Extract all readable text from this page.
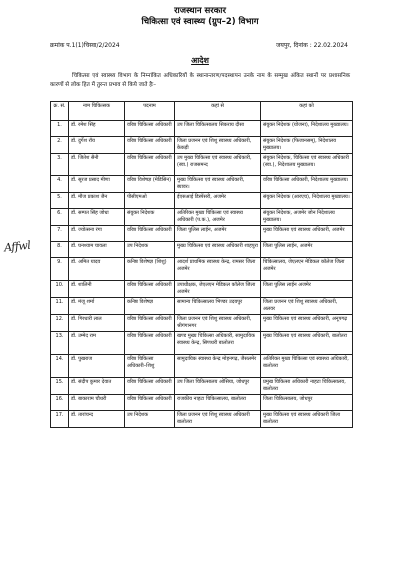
राजस्थान सरकार
चिकित्सा एवं स्वास्थ्य (ग्रुप–2) विभाग
क्रमांक प.1(1)चिस्वा/2/2024	जयपुर, दिनांक : 22.02.2024
आदेश
चिकित्सा एवं स्वास्थ्य विभाग के निम्नांकित अधिकारियों के स्थानान्तरण/पदस्थापन उनके नाम के सम्मुख अंकित स्थानों पर प्रशासनिक कारणों से लोक हित में तुरन्त प्रभाव से किये जाते हैः–
Affwl
क्र. सं.	नाम चिकित्सक	पदनाम	कहां से	कहां को
1.	डॉ. रमेश सिंह	वरिष्ठ चिकित्सा अधिकारी	उप जिला चिकित्सालय सिकराय दौसा	संयुक्त निदेशक (योजना), निदेशालय मुख्यालय।
2.	डॉ. दुर्गेश रॉय	वरिष्ठ चिकित्सा अधिकारी	जिला प्रजनन एवं शिशु स्वास्थ्य अधिकारी, केकड़ी	संयुक्त निदेशक (फिजानसम्), निदेशालय मुख्यालय।
3.	डॉ. जितेश सैनी	वरिष्ठ चिकित्सा अधिकारी	उप मुख्य चिकित्सा एवं स्वास्थ्य अधिकारी, (स्वा.) राजसमन्द	संयुक्त निदेशक, चिकित्सा एवं स्वास्थ्य अधिकारी (स्वा.), निदेशालय मुख्यालय।
4.	डॉ. सूरज प्रसाद मीणा	वरिष्ठ विशेषज्ञ (मेडिसिन)	मुख्य चिकित्सा एवं स्वास्थ्य अधिकारी, ब्यावर।	वरिष्ठ चिकित्सा अधिकारी, निदेशालय मुख्यालय।
5.	डॉ. मौज प्रकाश जैन	पीसीएमओ	ईएसआई डिस्पेंसरी, अजमेर	संयुक्त निदेशक (आरएच), निदेशालय मुख्यालय।
6.	डॉ. सम्पत सिंह जोधा	संयुक्त निदेशक	अतिरिक्त मुख्य चिकित्सा एवं स्वास्थ्य अधिकारी (प.क.), अजमेर	संयुक्त निदेशक, अजमेर जोन निदेशालय मुख्यालय।
7.	डॉ. ज्योत्सना रंगा	वरिष्ठ चिकित्सा अधिकारी	जिला पुलिस लाईन, अजमेर	मुख्य चिकित्सा एवं स्वास्थ्य अधिकारी, अजमेर
8.	डॉ. घनश्याम चावला	उप निदेशक	मुख्य चिकित्सा एवं स्वास्थ्य अधिकारी शाहपुरा	जिला पुलिस लाईन, अजमेर
9.	डॉ. अमित यादव	कनिष्ठ विशेषज्ञ (शिशु)	आदर्श प्राथमिक स्वास्थ्य केन्द्र, रामसर जिला अजमेर	चिकित्सालय, जेएलएन मेडिकल कॉलेज जिला अजमेर
10.	डॉ. शालिनी	वरिष्ठ चिकित्सा अधिकारी	उपाधीक्षक, जेएलएन मेडिकल कॉलेज जिला अजमेर	जिला पुलिस लाईन अजमेर
11.	डॉ. मंजू शर्मा	कनिष्ठ विशेषज्ञ	सामान्य चिकित्सालय भिण्डर उदयपुर	जिला प्रजनन एवं शिशु स्वास्थ्य अधिकारी, अलवर
12.	डॉ. गिरधारी लाल	वरिष्ठ चिकित्सा अधिकारी	जिला प्रजनन एवं शिशु स्वास्थ्य अधिकारी, श्रीगंगानगर	मुख्य चिकित्सा एवं स्वास्थ्य अधिकारी, अनूपगढ़
13.	डॉ. उम्मेद राम	वरिष्ठ चिकित्सा अधिकारी	खण्ड मुख्य चिकित्सा अधिकारी, सामुदायिक स्वास्थ्य केन्द्र, सिणधरी बालोतरा	मुख्य चिकित्सा एवं स्वास्थ्य अधिकारी, बालोतरा
14.	डॉ. पुखराज	वरिष्ठ चिकित्सा अधिकारी–शिशु	सामुदायिक स्वास्थ्य केन्द्र मोहनगढ़, जैसलमेर	अतिरिक्त मुख्य चिकित्सा एवं स्वास्थ्य अधिकारी, बालोतरा
15.	डॉ. संदीप कुमार देवात	वरिष्ठ चिकित्सा अधिकारी	उप जिला चिकित्सालय ओसिया, जोधपुर	प्रमुख चिकित्सा अधिकारी नाहटा चिकित्सालय, बालोतरा
16.	डॉ. बाकाराम चौधरी	वरिष्ठ चिकित्सा अधिकारी	राजकीय नाहटा चिकित्सालय, बालोतरा	जिला चिकित्सालय, जोधपुर
17.	डॉ. तारांचन्द	उप निदेशक	जिला प्रजनन एवं शिशु स्वास्थ्य अधिकारी बालोतरा	मुख्य चिकित्सा एवं स्वास्थ्य अधिकारी जिला बालोतरा
